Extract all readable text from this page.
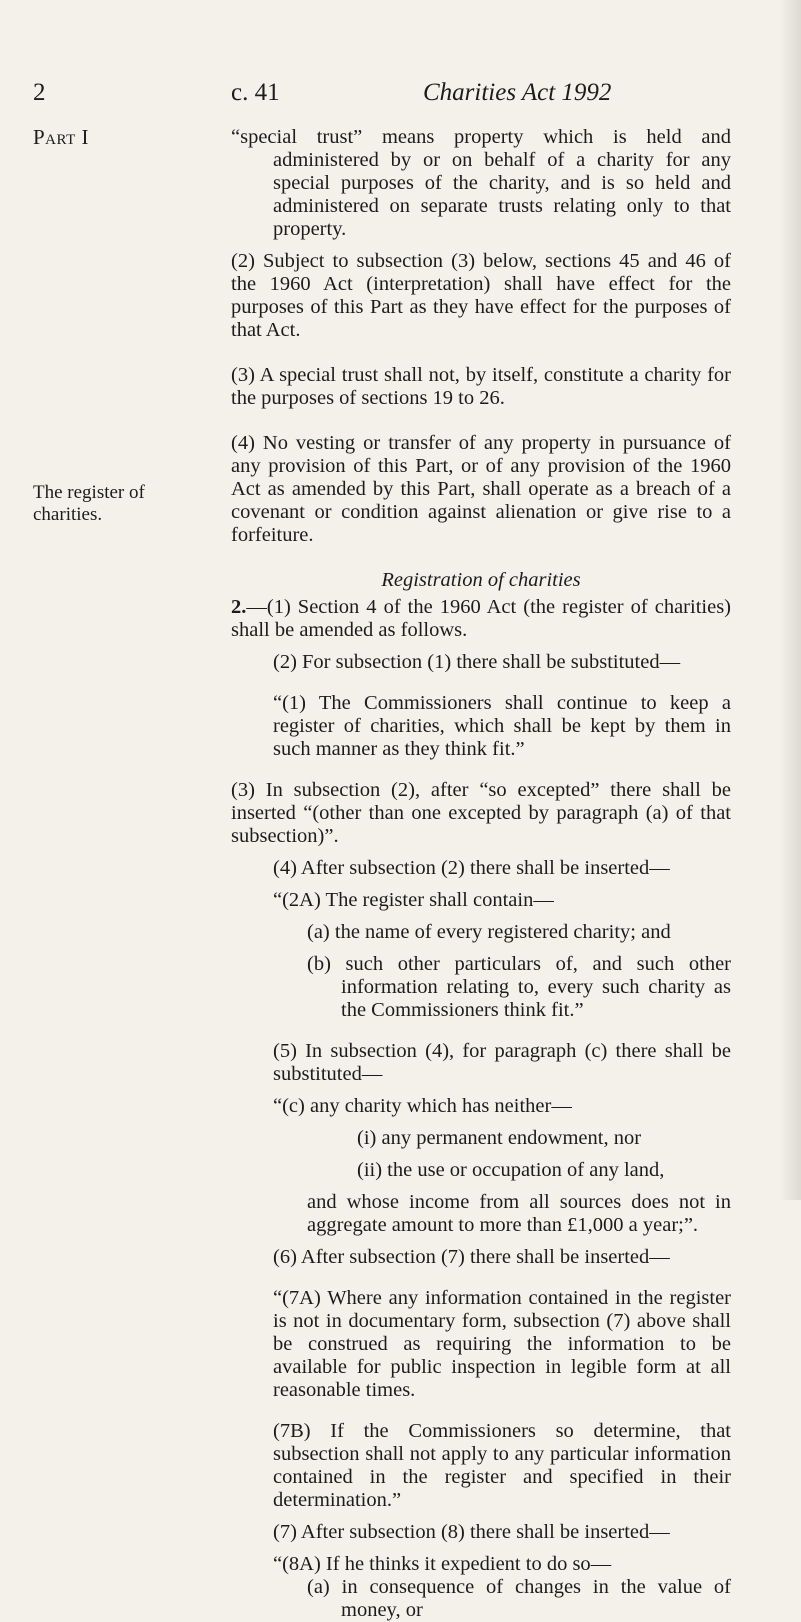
2	c. 41	Charities Act 1992
Part I
The register of
charities.

“special trust” means property which is held and administered by or on behalf of a charity for any special purposes of the charity, and is so held and administered on separate trusts relating only to that property.

(2) Subject to subsection (3) below, sections 45 and 46 of the 1960 Act (interpretation) shall have effect for the purposes of this Part as they have effect for the purposes of that Act.

(3) A special trust shall not, by itself, constitute a charity for the purposes of sections 19 to 26.

(4) No vesting or transfer of any property in pursuance of any provision of this Part, or of any provision of the 1960 Act as amended by this Part, shall operate as a breach of a covenant or condition against alienation or give rise to a forfeiture.

Registration of charities

2.—(1) Section 4 of the 1960 Act (the register of charities) shall be amended as follows.

(2) For subsection (1) there shall be substituted—

“(1) The Commissioners shall continue to keep a register of charities, which shall be kept by them in such manner as they think fit.”

(3) In subsection (2), after “so excepted” there shall be inserted “(other than one excepted by paragraph (a) of that subsection)”.

(4) After subsection (2) there shall be inserted—

“(2A) The register shall contain—

(a) the name of every registered charity; and

(b) such other particulars of, and such other information relating to, every such charity as the Commissioners think fit.”

(5) In subsection (4), for paragraph (c) there shall be substituted—

“(c) any charity which has neither—

(i) any permanent endowment, nor

(ii) the use or occupation of any land,

and whose income from all sources does not in aggregate amount to more than £1,000 a year;”.

(6) After subsection (7) there shall be inserted—

“(7A) Where any information contained in the register is not in documentary form, subsection (7) above shall be construed as requiring the information to be available for public inspection in legible form at all reasonable times.

(7B) If the Commissioners so determine, that subsection shall not apply to any particular information contained in the register and specified in their determination.”

(7) After subsection (8) there shall be inserted—

“(8A) If he thinks it expedient to do so—

(a) in consequence of changes in the value of money, or
